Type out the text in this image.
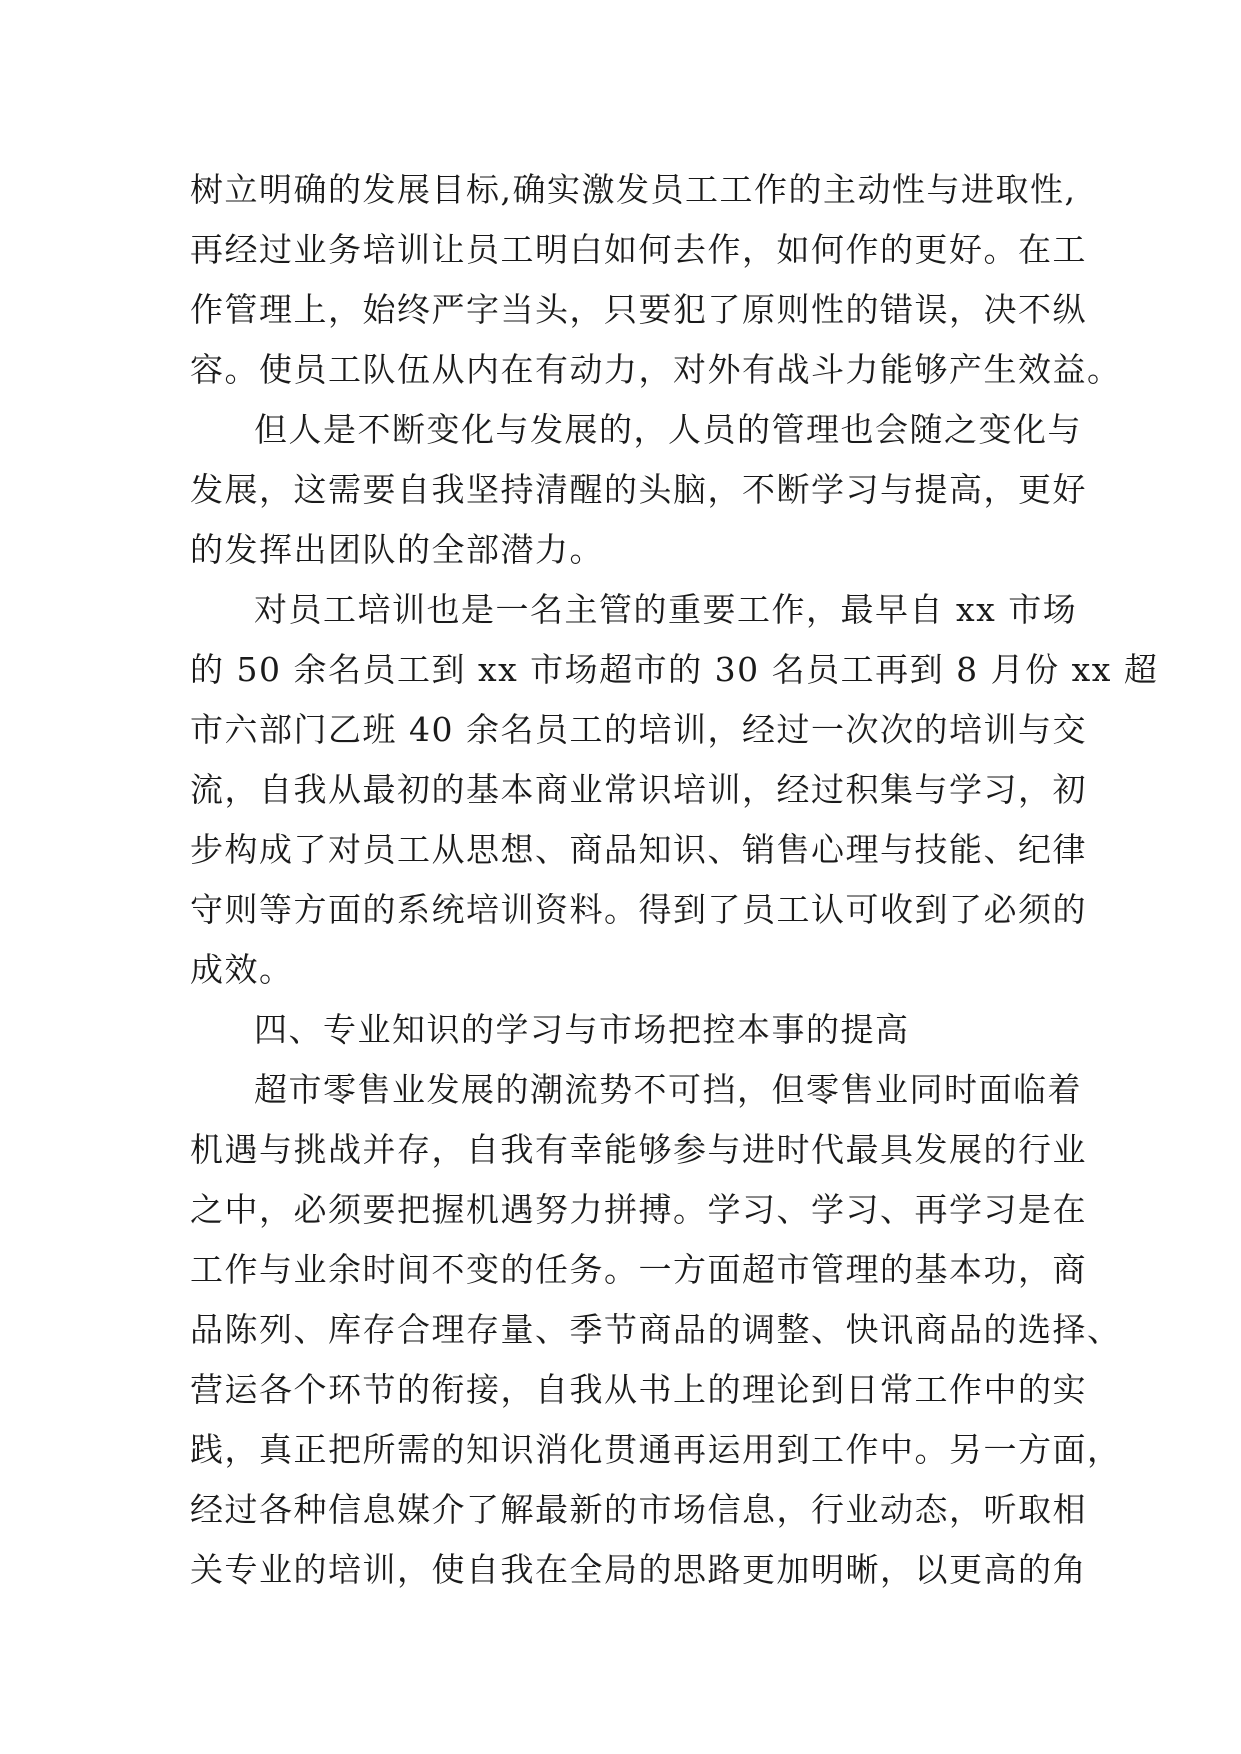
树立明确的发展目标,确实激发员工工作的主动性与进取性,
再经过业务培训让员工明白如何去作，如何作的更好。在工
作管理上，始终严字当头，只要犯了原则性的错误，决不纵
容。使员工队伍从内在有动力，对外有战斗力能够产生效益。
但人是不断变化与发展的，人员的管理也会随之变化与
发展，这需要自我坚持清醒的头脑，不断学习与提高，更好
的发挥出团队的全部潜力。
对员工培训也是一名主管的重要工作，最早自 xx 市场
的 50 余名员工到 xx 市场超市的 30 名员工再到 8 月份 xx 超
市六部门乙班 40 余名员工的培训，经过一次次的培训与交
流，自我从最初的基本商业常识培训，经过积集与学习，初
步构成了对员工从思想、商品知识、销售心理与技能、纪律
守则等方面的系统培训资料。得到了员工认可收到了必须的
成效。
四、专业知识的学习与市场把控本事的提高
超市零售业发展的潮流势不可挡，但零售业同时面临着
机遇与挑战并存，自我有幸能够参与进时代最具发展的行业
之中，必须要把握机遇努力拼搏。学习、学习、再学习是在
工作与业余时间不变的任务。一方面超市管理的基本功，商
品陈列、库存合理存量、季节商品的调整、快讯商品的选择、
营运各个环节的衔接，自我从书上的理论到日常工作中的实
践，真正把所需的知识消化贯通再运用到工作中。另一方面，
经过各种信息媒介了解最新的市场信息，行业动态，听取相
关专业的培训，使自我在全局的思路更加明晰，以更高的角
